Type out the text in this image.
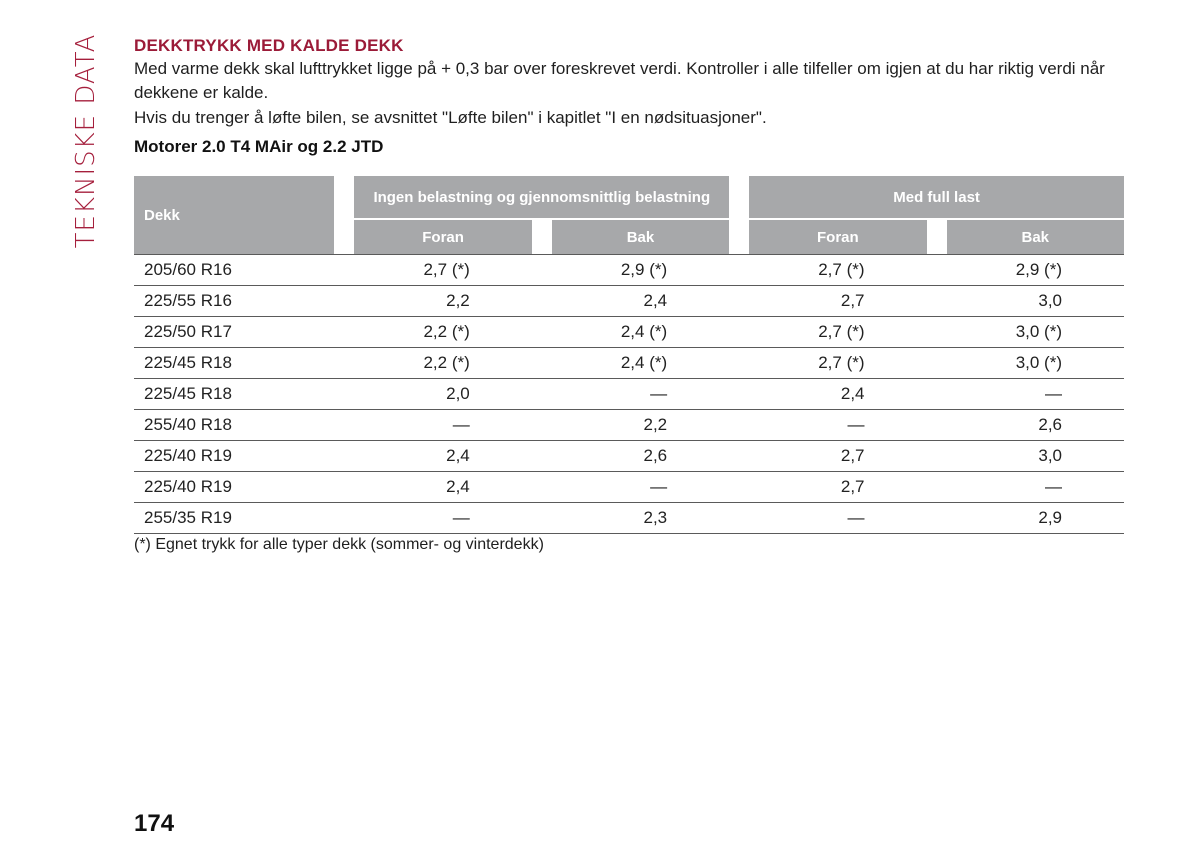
TEKNISKE DATA DEKKTRYKK MED KALDE DEKK

Med varme dekk skal lufttrykket ligge på + 0,3 bar over foreskrevet verdi. Kontroller i alle tilfeller om igjen at du har riktig verdi når dekkene er kalde.

Hvis du trenger å løfte bilen, se avsnittet "Løfte bilen" i kapitlet "I en nødsituasjoner".

Motorer 2.0 T4 MAir og 2.2 JTD

Dekk		Ingen belastning og gjennomsnittlig belastning				Med full last		
		Foran		Bak		Foran		Bak
205/60 R16		2,7 (*)		2,9 (*)		2,7 (*)		2,9 (*)
225/55 R16		2,2		2,4		2,7		3,0
225/50 R17		2,2 (*)		2,4 (*)		2,7 (*)		3,0 (*)
225/45 R18		2,2 (*)		2,4 (*)		2,7 (*)		3,0 (*)
225/45 R18		2,0		—		2,4		—
255/40 R18		—		2,2		—		2,6
225/40 R19		2,4		2,6		2,7		3,0
225/40 R19		2,4		—		2,7		—
255/35 R19		—		2,3		—		2,9
(*) Egnet trykk for alle typer dekk (sommer- og vinterdekk)
174
